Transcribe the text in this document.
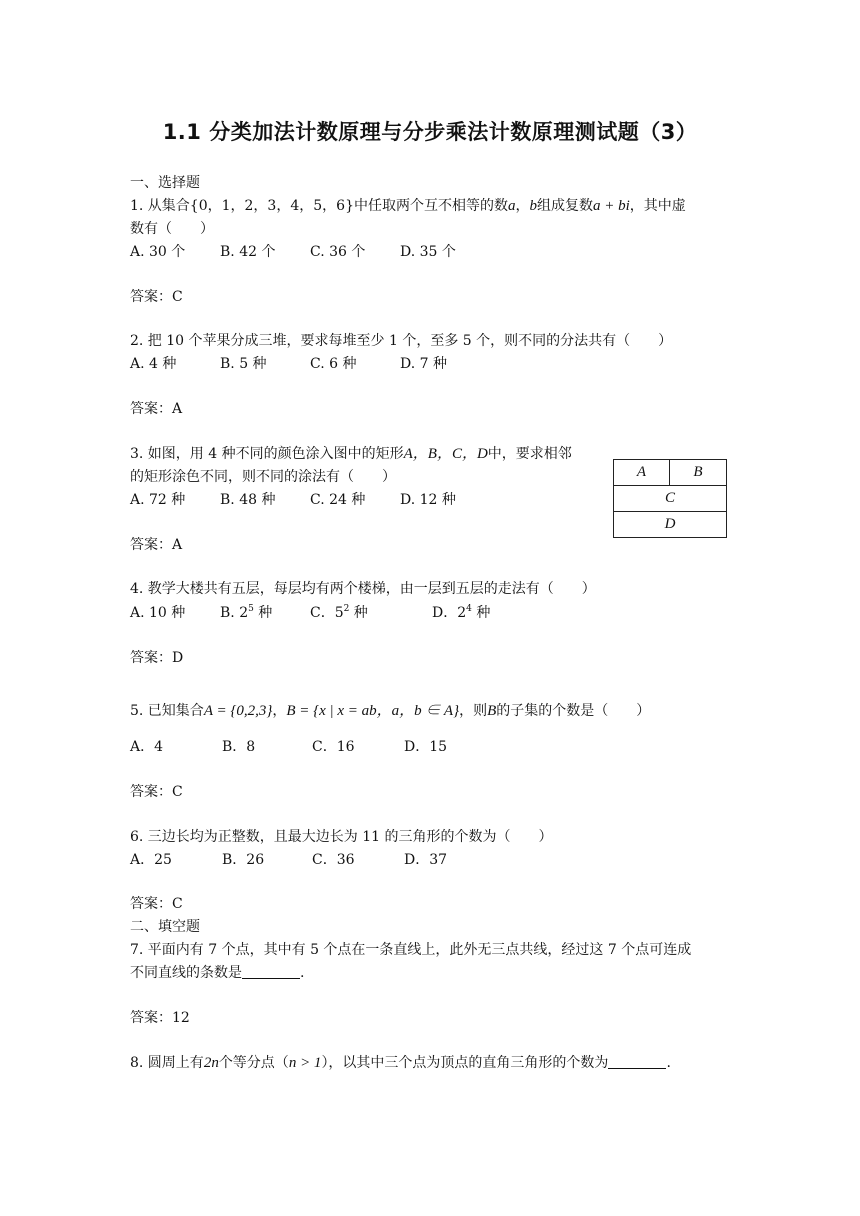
1.1 分类加法计数原理与分步乘法计数原理测试题（3）
一、选择题
1. 从集合{0，1，2，3，4，5，6}中任取两个互不相等的数a，b组成复数a + bi，其中虚
数有（　　）
A. 30 个 B. 42 个 C. 36 个 D. 35 个
答案：C
2. 把 10 个苹果分成三堆，要求每堆至少 1 个，至多 5 个，则不同的分法共有（　　）
A. 4 种	B. 5 种	C. 6 种	D. 7 种
答案：A
3. 如图，用 4 种不同的颜色涂入图中的矩形A，B，C，D中，要求相邻
的矩形涂色不同，则不同的涂法有（　　）
A. 72 种 B. 48 种 C. 24 种 D. 12 种
答案：A
A	B
C
D
4. 教学大楼共有五层，每层均有两个楼梯，由一层到五层的走法有（　　）
A. 10 种 B. $2^5$ 种	C．$5^2$ 种	D．$2^4$ 种
答案：D
5. 已知集合A = {0,2,3}，B = {x | x = ab，a，b ∈ A}，则B的子集的个数是（　　）
A．4	B．8	C．16	D．15
答案：C
6. 三边长均为正整数，且最大边长为 11 的三角形的个数为（　　）
A．25	B．26	C．36	D．37
答案：C
二、填空题
7. 平面内有 7 个点，其中有 5 个点在一条直线上，此外无三点共线，经过这 7 个点可连成
不同直线的条数是	.
答案：12
8. 圆周上有2n个等分点（n > 1），以其中三个点为顶点的直角三角形的个数为	.
